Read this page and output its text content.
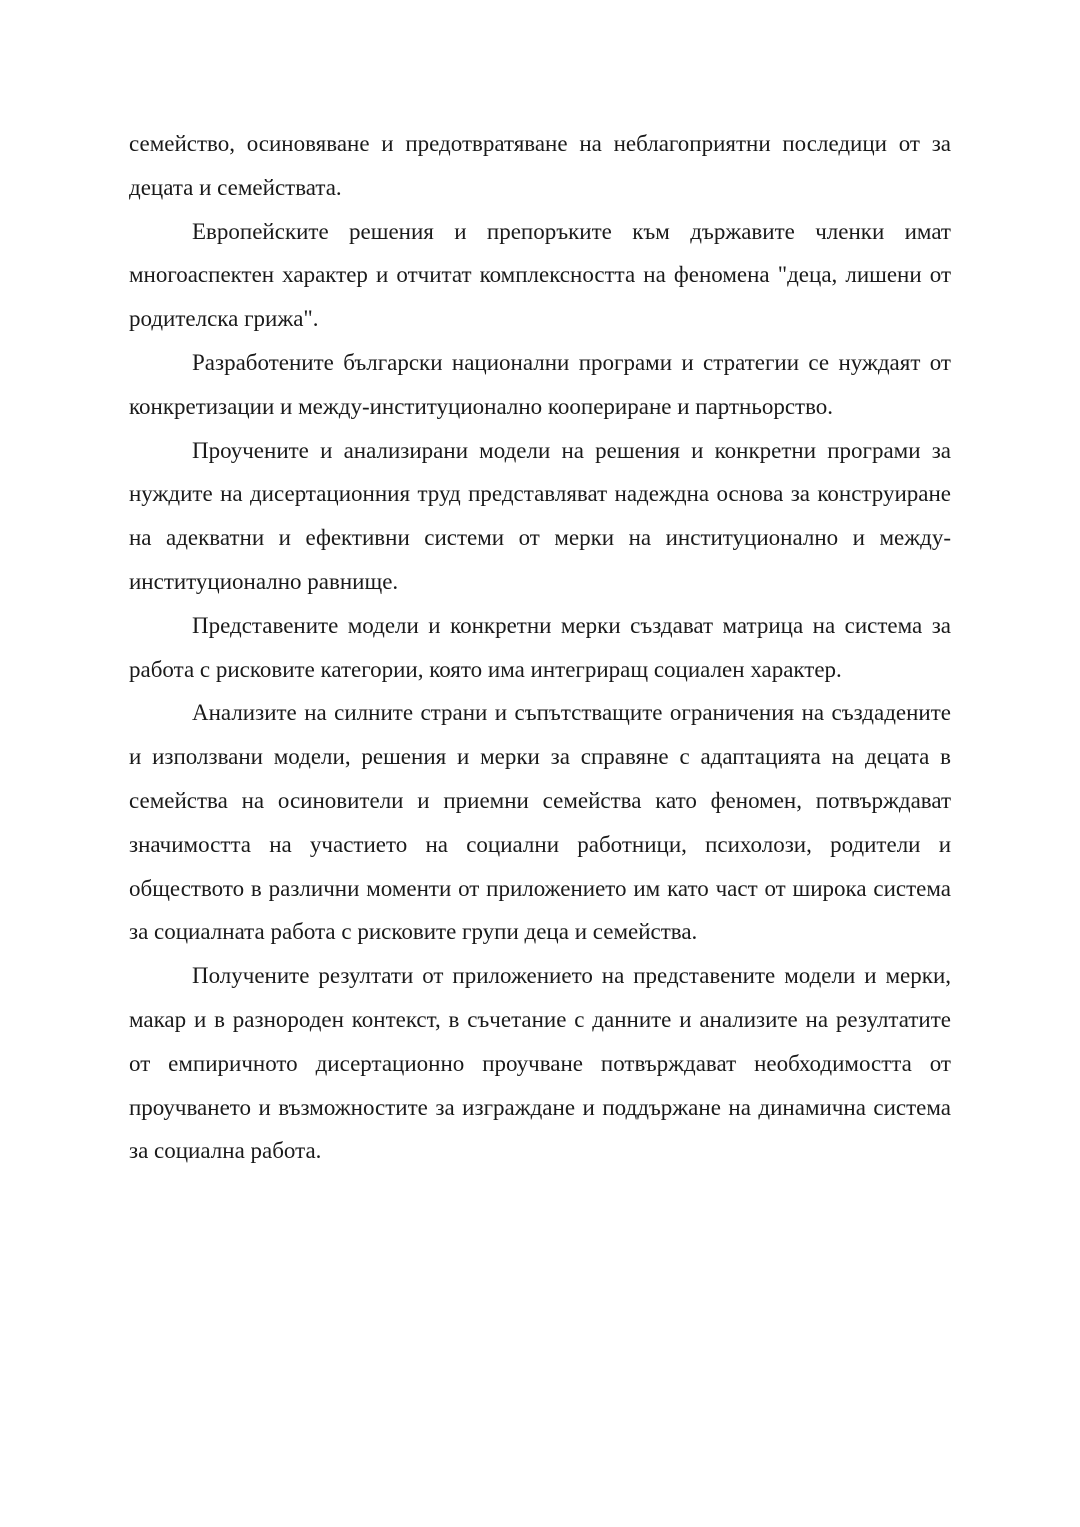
семейство, осиновяване и предотвратяване на неблагоприятни последици от за децата и семействата.

Европейските решения и препоръките към държавите членки имат многоаспектен характер и отчитат комплексността на феномена "деца, лишени от родителска грижа".

Разработените български национални програми и стратегии се нуждаят от конкретизации и между-институционално коопериране и партньорство.

Проучените и анализирани модели на решения и конкретни програми за нуждите на дисертационния труд представляват надеждна основа за конструиране на адекватни и ефективни системи от мерки на институционално и между-институционално равнище.

Представените модели и конкретни мерки създават матрица на система за работа с рисковите категории, която има интегриращ социален характер.

Анализите на силните страни и съпътстващите ограничения на създадените и използвани модели, решения и мерки за справяне с адаптацията на децата в семейства на осиновители и приемни семейства като феномен, потвърждават значимостта на участието на социални работници, психолози, родители и обществото в различни моменти от приложението им като част от широка система за социалната работа с рисковите групи деца и семейства.

Получените резултати от приложението на представените модели и мерки, макар и в разнороден контекст, в съчетание с данните и анализите на резултатите от емпиричното дисертационно проучване потвърждават необходимостта от проучването и възможностите за изграждане и поддържане на динамична система за социална работа.
